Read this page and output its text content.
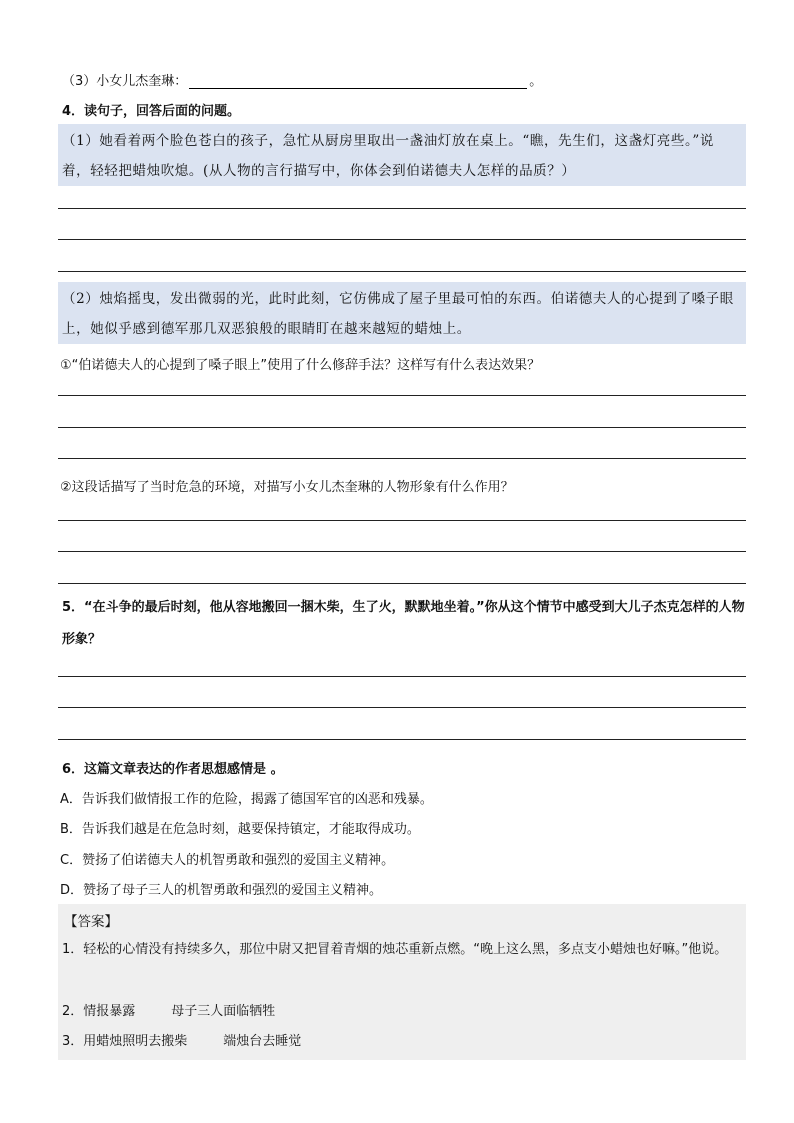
（3）小女儿杰奎琳：	。
4．读句子，回答后面的问题。
（1）她看着两个脸色苍白的孩子，急忙从厨房里取出一盏油灯放在桌上。“瞧，先生们，这盏灯亮些。”说着，轻轻把蜡烛吹熄。(从人物的言行描写中，你体会到伯诺德夫人怎样的品质？）
（2）烛焰摇曳，发出微弱的光，此时此刻，它仿佛成了屋子里最可怕的东西。伯诺德夫人的心提到了嗓子眼上，她似乎感到德军那几双恶狼般的眼睛盯在越来越短的蜡烛上。
①“伯诺德夫人的心提到了嗓子眼上”使用了什么修辞手法？这样写有什么表达效果？
②这段话描写了当时危急的环境，对描写小女儿杰奎琳的人物形象有什么作用？
5．“在斗争的最后时刻，他从容地搬回一捆木柴，生了火，默默地坐着。”你从这个情节中感受到大儿子杰克怎样的人物形象？
6．这篇文章表达的作者思想感情是 。
A．告诉我们做情报工作的危险，揭露了德国军官的凶恶和残暴。
B．告诉我们越是在危急时刻，越要保持镇定，才能取得成功。
C．赞扬了伯诺德夫人的机智勇敢和强烈的爱国主义精神。
D．赞扬了母子三人的机智勇敢和强烈的爱国主义精神。
【答案】
1．轻松的心情没有持续多久，那位中尉又把冒着青烟的烛芯重新点燃。“晚上这么黑，多点支小蜡烛也好嘛。”他说。
2．情报暴露	母子三人面临牺牲
3．用蜡烛照明去搬柴	端烛台去睡觉
